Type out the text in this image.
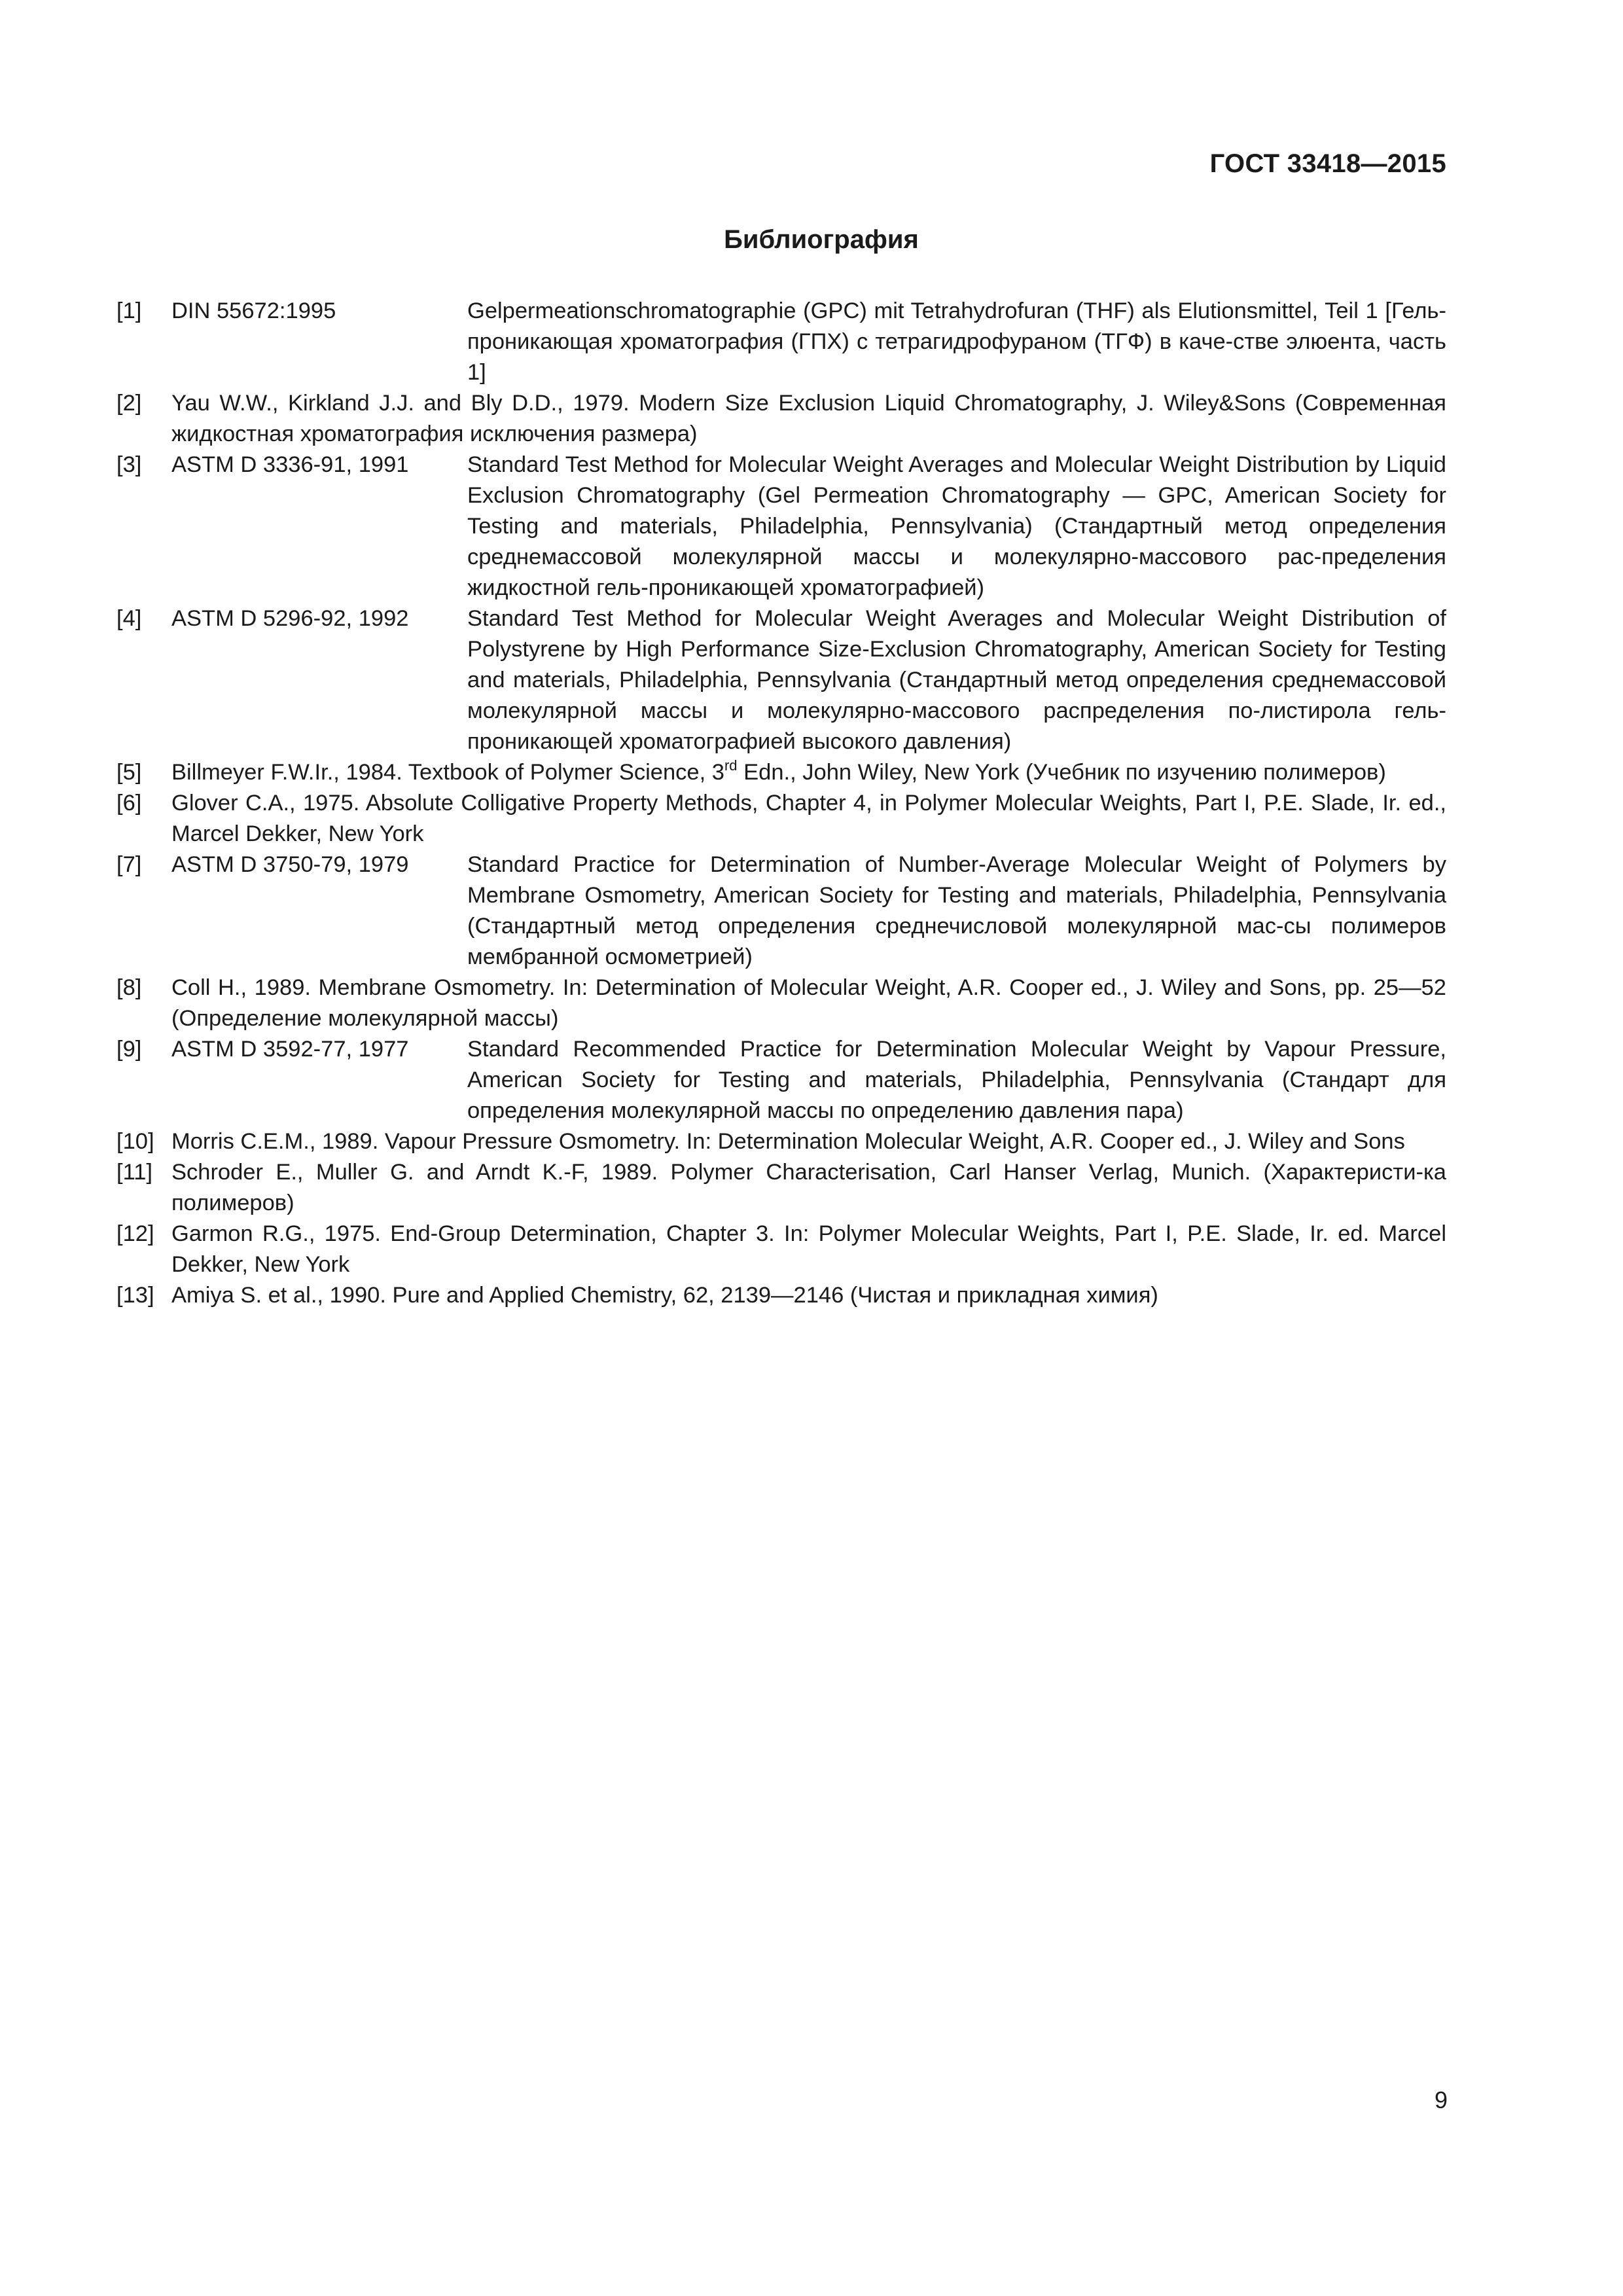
ГОСТ 33418—2015
Библиография
[1] DIN 55672:1995	Gelpermeationschromatographie (GPC) mit Tetrahydrofuran (THF) als Elutionsmittel, Teil 1 [Гель-проникающая хроматография (ГПХ) с тетрагидрофураном (ТГФ) в каче-стве элюента, часть 1]
[2] Yau W.W., Kirkland J.J. and Bly D.D., 1979. Modern Size Exclusion Liquid Chromatography, J. Wiley&Sons (Современная жидкостная хроматография исключения размера)
[3] ASTM D 3336-91, 1991	Standard Test Method for Molecular Weight Averages and Molecular Weight Distribution by Liquid Exclusion Chromatography (Gel Permeation Chromatography — GPC, American Society for Testing and materials, Philadelphia, Pennsylvania) (Стандартный метод определения среднемассовой молекулярной массы и молекулярно-массового рас-пределения жидкостной гель-проникающей хроматографией)
[4] ASTM D 5296-92, 1992	Standard Test Method for Molecular Weight Averages and Molecular Weight Distribution of Polystyrene by High Performance Size-Exclusion Chromatography, American Society for Testing and materials, Philadelphia, Pennsylvania (Стандартный метод определения среднемассовой молекулярной массы и молекулярно-массового распределения по-листирола гель-проникающей хроматографией высокого давления)
[5] Billmeyer F.W.Ir., 1984. Textbook of Polymer Science, 3rd Edn., John Wiley, New York (Учебник по изучению полимеров)
[6] Glover C.A., 1975. Absolute Colligative Property Methods, Chapter 4, in Polymer Molecular Weights, Part I, P.E. Slade, Ir. ed., Marcel Dekker, New York
[7] ASTM D 3750-79, 1979	Standard Practice for Determination of Number-Average Molecular Weight of Polymers by Membrane Osmometry, American Society for Testing and materials, Philadelphia, Pennsylvania (Стандартный метод определения среднечисловой молекулярной мас-сы полимеров мембранной осмометрией)
[8] Coll H., 1989. Membrane Osmometry. In: Determination of Molecular Weight, A.R. Cooper ed., J. Wiley and Sons, pp. 25—52 (Определение молекулярной массы)
[9] ASTM D 3592-77, 1977	Standard Recommended Practice for Determination Molecular Weight by Vapour Pressure, American Society for Testing and materials, Philadelphia, Pennsylvania (Стандарт для определения молекулярной массы по определению давления пара)
[10] Morris C.E.M., 1989. Vapour Pressure Osmometry. In: Determination Molecular Weight, A.R. Cooper ed., J. Wiley and Sons
[11] Schroder E., Muller G. and Arndt K.-F, 1989. Polymer Characterisation, Carl Hanser Verlag, Munich. (Характеристи-ка полимеров)
[12] Garmon R.G., 1975. End-Group Determination, Chapter 3. In: Polymer Molecular Weights, Part I, P.E. Slade, Ir. ed. Marcel Dekker, New York
[13] Amiya S. et al., 1990. Pure and Applied Chemistry, 62, 2139—2146 (Чистая и прикладная химия)
9
